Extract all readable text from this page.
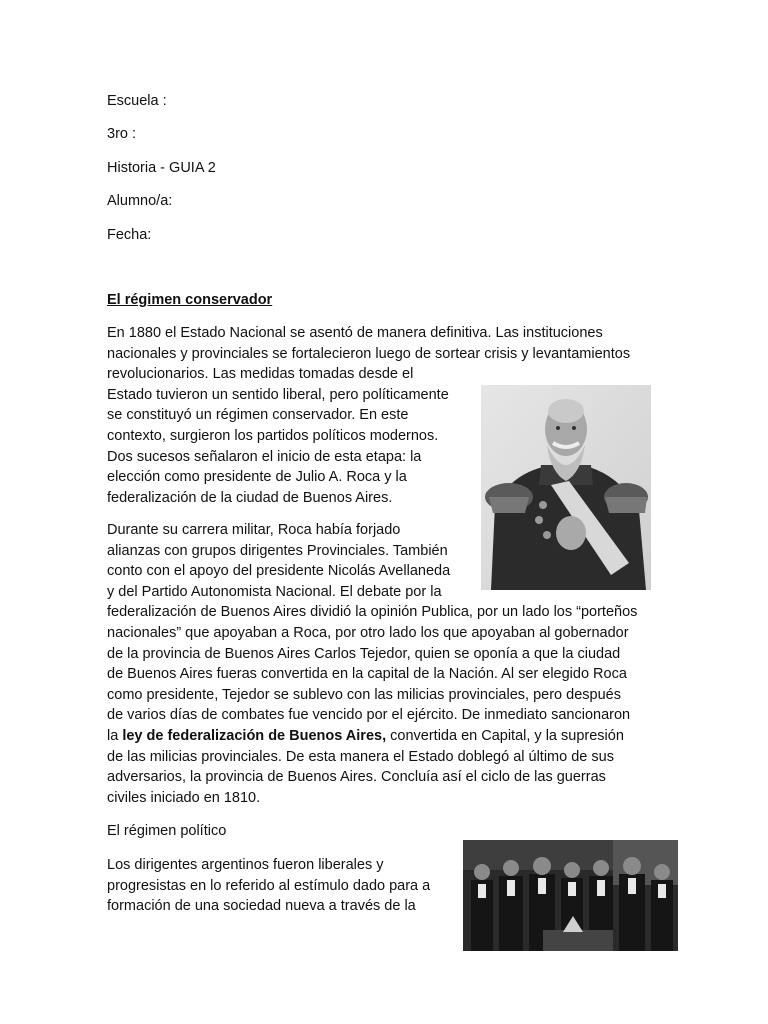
Escuela :

3ro :

Historia - GUIA 2

Alumno/a:

Fecha:

El régimen conservador

En 1880 el Estado Nacional se asentó de manera definitiva. Las instituciones
nacionales y provinciales se fortalecieron luego de sortear crisis y levantamientos
revolucionarios. Las medidas tomadas desde el
Estado tuvieron un sentido liberal, pero políticamente
se constituyó un régimen conservador. En este
contexto, surgieron los partidos políticos modernos.
Dos sucesos señalaron el inicio de esta etapa: la
elección como presidente de Julio A. Roca y la
federalización de la ciudad de Buenos Aires.

Durante su carrera militar, Roca había forjado
alianzas con grupos dirigentes Provinciales. También
conto con el apoyo del presidente Nicolás Avellaneda
y del Partido Autonomista Nacional. El debate por la
federalización de Buenos Aires dividió la opinión Publica, por un lado los “porteños
nacionales” que apoyaban a Roca, por otro lado los que apoyaban al gobernador
de la provincia de Buenos Aires Carlos Tejedor, quien se oponía a que la ciudad
de Buenos Aires fueras convertida en la capital de la Nación. Al ser elegido Roca
como presidente, Tejedor se sublevo con las milicias provinciales, pero después
de varios días de combates fue vencido por el ejército. De inmediato sancionaron
la ley de federalización de Buenos Aires, convertida en Capital, y la supresión
de las milicias provinciales. De esta manera el Estado doblegó al último de sus
adversarios, la provincia de Buenos Aires. Concluía así el ciclo de las guerras
civiles iniciado en 1810.

El régimen político

Los dirigentes argentinos fueron liberales y
progresistas en lo referido al estímulo dado para a
formación de una sociedad nueva a través de la
